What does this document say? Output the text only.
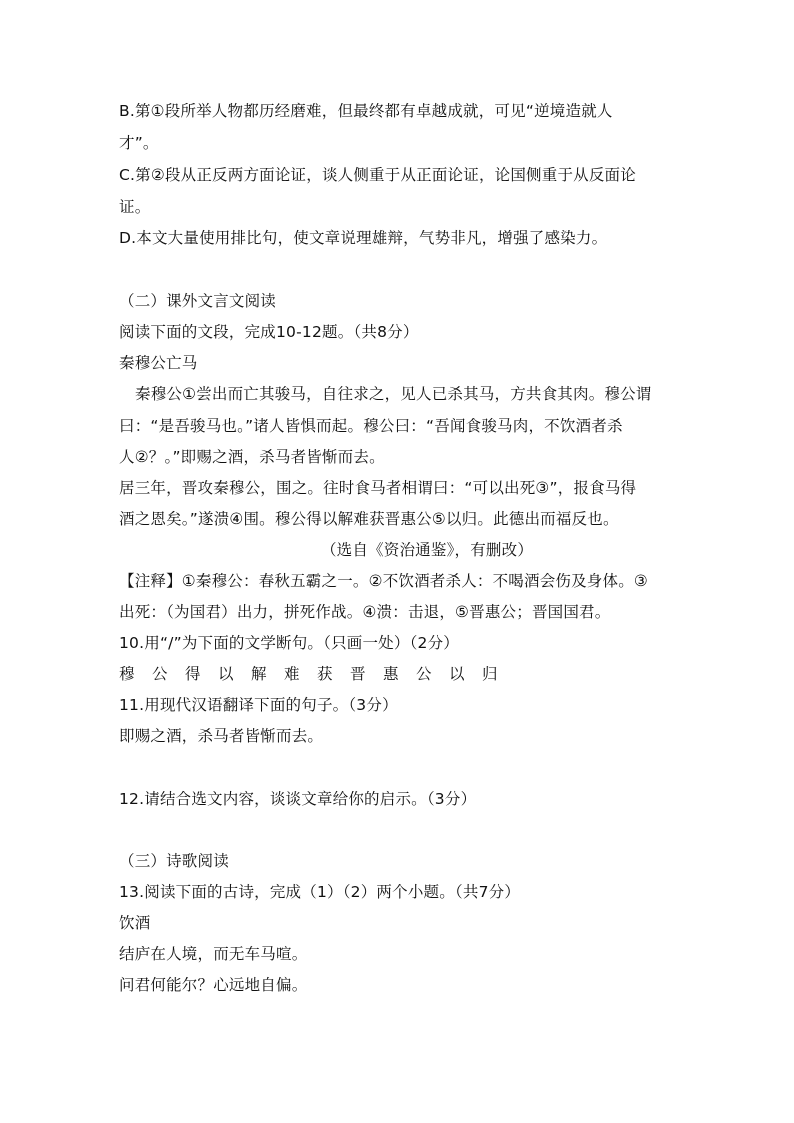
B.第①段所举人物都历经磨难，但最终都有卓越成就，可见“逆境造就人
才”。
C.第②段从正反两方面论证，谈人侧重于从正面论证，论国侧重于从反面论
证。
D.本文大量使用排比句，使文章说理雄辩，气势非凡，增强了感染力。
（二）课外文言文阅读
阅读下面的文段，完成10-12题。（共8分）
秦穆公亡马
秦穆公①尝出而亡其骏马，自往求之，见人已杀其马，方共食其肉。穆公谓
曰：“是吾骏马也。”诸人皆惧而起。穆公曰：“吾闻食骏马肉，不饮酒者杀
人②？。”即赐之酒，杀马者皆惭而去。
居三年，晋攻秦穆公，围之。往时食马者相谓曰：“可以出死③”，报食马得
酒之恩矣。”遂溃④围。穆公得以解难获晋惠公⑤以归。此德出而福反也。
（选自《资治通鉴》，有删改）
【注释】①秦穆公：春秋五霸之一。②不饮酒者杀人：不喝酒会伤及身体。③
出死：（为国君）出力，拼死作战。④溃：击退，⑤晋惠公；晋国国君。
10.用“/”为下面的文学断句。（只画一处）（2分）
穆公得以解难获晋惠公以归
11.用现代汉语翻译下面的句子。（3分）
即赐之酒，杀马者皆惭而去。
12.请结合选文内容，谈谈文章给你的启示。（3分）
（三）诗歌阅读
13.阅读下面的古诗，完成（1）（2）两个小题。（共7分）
饮酒
结庐在人境，而无车马喧。
问君何能尔？心远地自偏。
